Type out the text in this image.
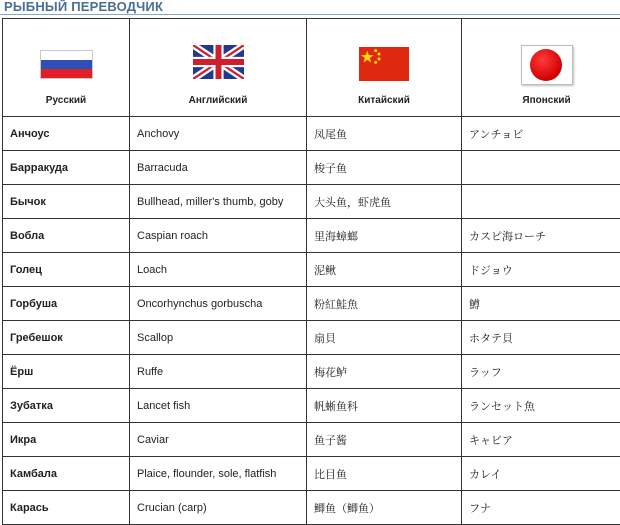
РЫБНЫЙ ПЕРЕВОДЧИК
Русский	Английский	Китайский	Японский
Анчоус	Anchovy	凤尾鱼	アンチョビ
Барракуда	Barracuda	梭子鱼	
Бычок	Bullhead, miller's thumb, goby	大头鱼，虾虎鱼	
Вобла	Caspian roach	里海蟑螂	カスピ海ローチ
Голец	Loach	泥鳅	ドジョウ
Горбуша	Oncorhynchus gorbuscha	粉紅鮭魚	鱒
Гребешок	Scallop	扇貝	ホタテ貝
Ёрш	Ruffe	梅花鲈	ラッフ
Зубатка	Lancet fish	帆蜥鱼科	ランセット魚
Икра	Caviar	鱼子酱	キャビア
Камбала	Plaice, flounder, sole, flatfish	比目鱼	カレイ
Карась	Crucian (carp)	鲫鱼（鲫鱼）	フナ
